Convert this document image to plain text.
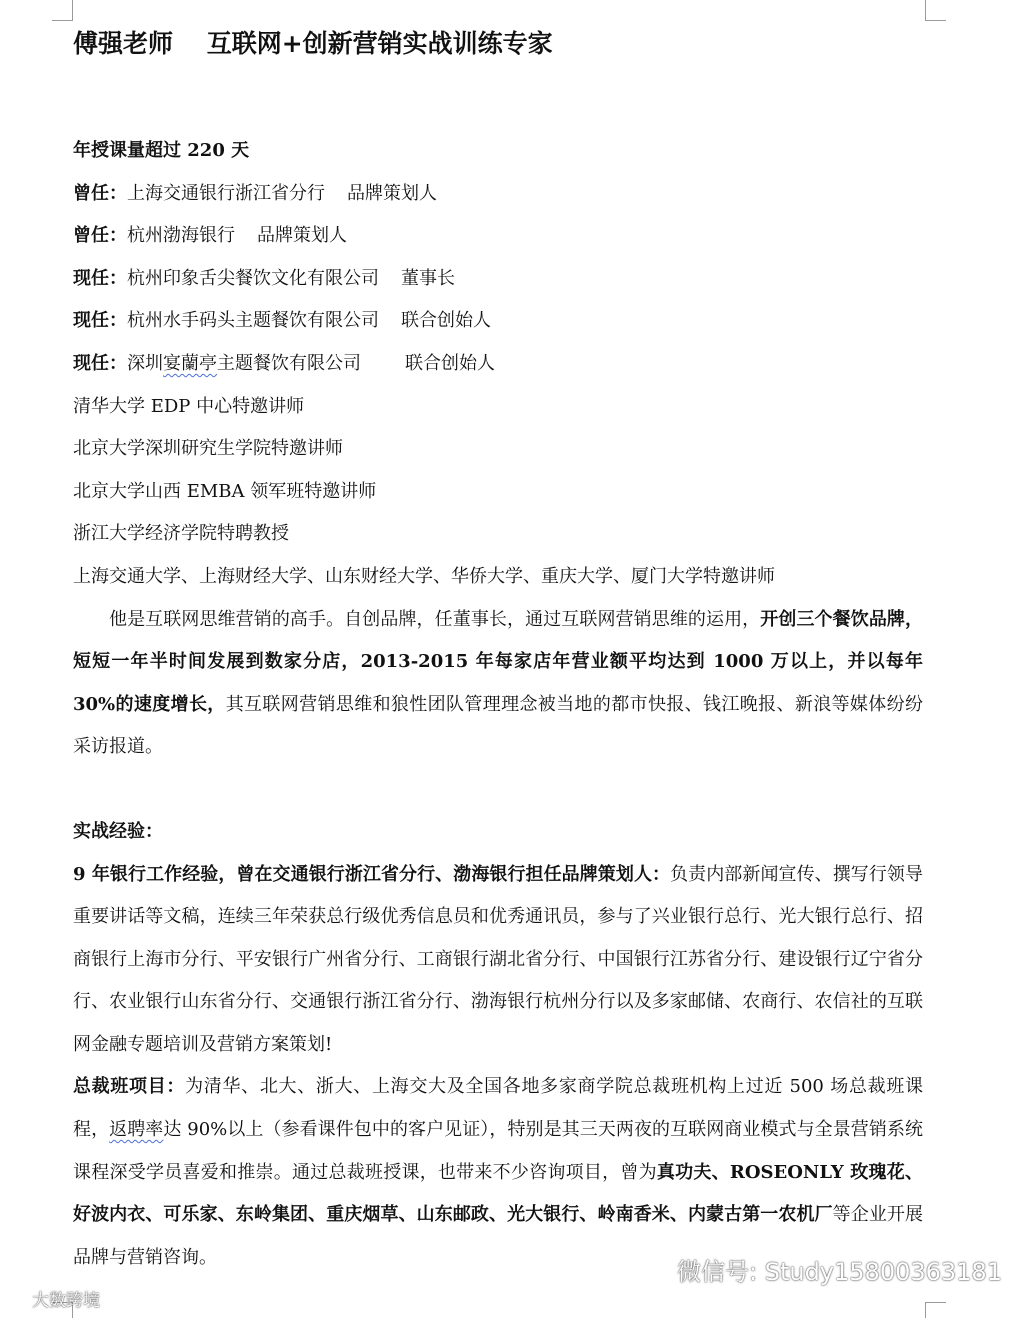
傅强老师　 互联网+创新营销实战训练专家

年授课量超过 220 天
曾任：上海交通银行浙江省分行 品牌策划人
曾任：杭州渤海银行 品牌策划人
现任：杭州印象舌尖餐饮文化有限公司 董事长
现任：杭州水手码头主题餐饮有限公司 联合创始人
现任：深圳宴蘭亭主题餐饮有限公司 联合创始人
清华大学 EDP 中心特邀讲师
北京大学深圳研究生学院特邀讲师
北京大学山西 EMBA 领军班特邀讲师
浙江大学经济学院特聘教授
上海交通大学、上海财经大学、山东财经大学、华侨大学、重庆大学、厦门大学特邀讲师

他是互联网思维营销的高手。自创品牌，任董事长，通过互联网营销思维的运用，开创三个餐饮品牌，短短一年半时间发展到数家分店，2013-2015 年每家店年营业额平均达到 1000 万以上，并以每年 30%的速度增长，其互联网营销思维和狼性团队管理理念被当地的都市快报、钱江晚报、新浪等媒体纷纷采访报道。

实战经验：

9 年银行工作经验，曾在交通银行浙江省分行、渤海银行担任品牌策划人：负责内部新闻宣传、撰写行领导重要讲话等文稿，连续三年荣获总行级优秀信息员和优秀通讯员，参与了兴业银行总行、光大银行总行、招商银行上海市分行、平安银行广州省分行、工商银行湖北省分行、中国银行江苏省分行、建设银行辽宁省分行、农业银行山东省分行、交通银行浙江省分行、渤海银行杭州分行以及多家邮储、农商行、农信社的互联网金融专题培训及营销方案策划!

总裁班项目：为清华、北大、浙大、上海交大及全国各地多家商学院总裁班机构上过近 500 场总裁班课程，返聘率达 90%以上（参看课件包中的客户见证），特别是其三天两夜的互联网商业模式与全景营销系统课程深受学员喜爱和推崇。通过总裁班授课，也带来不少咨询项目，曾为真功夫、ROSEONLY 玫瑰花、好波内衣、可乐家、东岭集团、重庆烟草、山东邮政、光大银行、岭南香米、内蒙古第一农机厂等企业开展品牌与营销咨询。

微信号: Study15800363181
大数跨境
